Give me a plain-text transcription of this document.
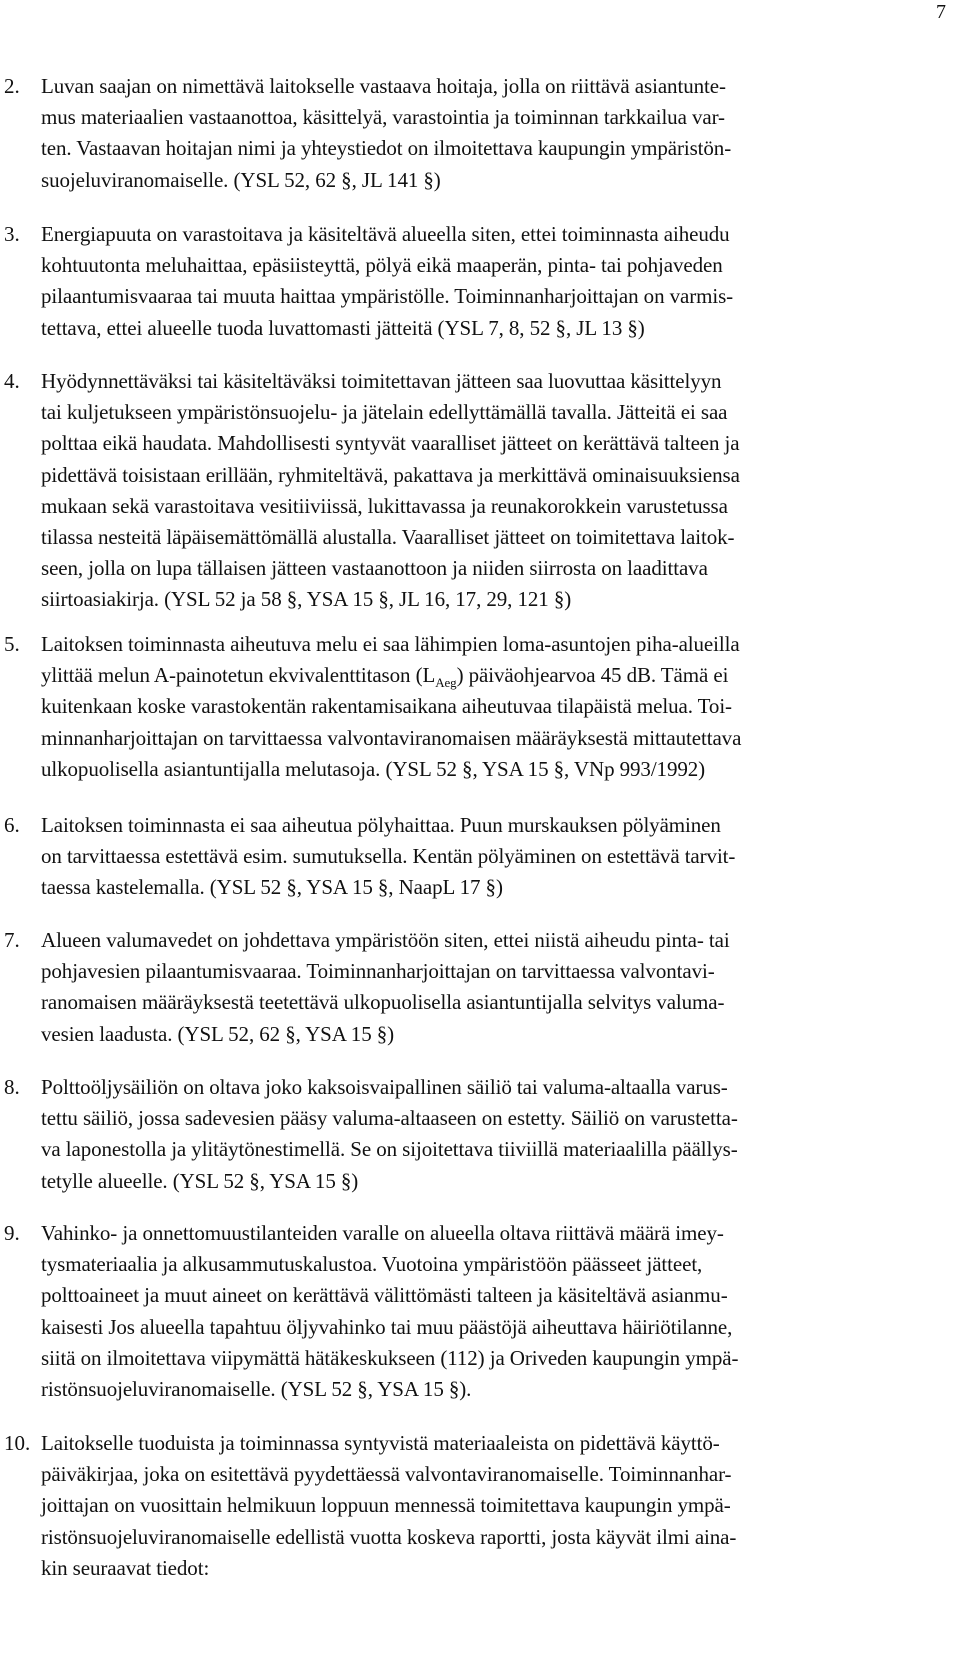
7
2. Luvan saajan on nimettävä laitokselle vastaava hoitaja, jolla on riittävä asiantunte-
mus materiaalien vastaanottoa, käsittelyä, varastointia ja toiminnan tarkkailua var-
ten. Vastaavan hoitajan nimi ja yhteystiedot on ilmoitettava kaupungin ympäristön-
suojeluviranomaiselle. (YSL 52, 62 §, JL 141 §)
3. Energiapuuta on varastoitava ja käsiteltävä alueella siten, ettei toiminnasta aiheudu
kohtuutonta meluhaittaa, epäsiisteyttä, pölyä eikä maaperän, pinta- tai pohjaveden
pilaantumisvaaraa tai muuta haittaa ympäristölle. Toiminnanharjoittajan on varmis-
tettava, ettei alueelle tuoda luvattomasti jätteitä (YSL 7, 8, 52 §, JL 13 §)
4. Hyödynnettäväksi tai käsiteltäväksi toimitettavan jätteen saa luovuttaa käsittelyyn
tai kuljetukseen ympäristönsuojelu- ja jätelain edellyttämällä tavalla. Jätteitä ei saa
polttaa eikä haudata. Mahdollisesti syntyvät vaaralliset jätteet on kerättävä talteen ja
pidettävä toisistaan erillään, ryhmiteltävä, pakattava ja merkittävä ominaisuuksiensa
mukaan sekä varastoitava vesitiiviissä, lukittavassa ja reunakorokkein varustetussa
tilassa nesteitä läpäisemättömällä alustalla. Vaaralliset jätteet on toimitettava laitok-
seen, jolla on lupa tällaisen jätteen vastaanottoon ja niiden siirrosta on laadittava
siirtoasiakirja. (YSL 52 ja 58 §, YSA 15 §, JL 16, 17, 29, 121 §)
5. Laitoksen toiminnasta aiheutuva melu ei saa lähimpien loma-asuntojen piha-alueilla
ylittää melun A-painotetun ekvivalenttitason $(L_{Aeg})$ päiväohjearvoa 45 dB. Tämä ei
kuitenkaan koske varastokentän rakentamisaikana aiheutuvaa tilapäistä melua. Toi-
minnanharjoittajan on tarvittaessa valvontaviranomaisen määräyksestä mittautettava
ulkopuolisella asiantuntijalla melutasoja. (YSL 52 §, YSA 15 §, VNp 993/1992)
6. Laitoksen toiminnasta ei saa aiheutua pölyhaittaa. Puun murskauksen pölyäminen
on tarvittaessa estettävä esim. sumutuksella. Kentän pölyäminen on estettävä tarvit-
taessa kastelemalla. (YSL 52 §, YSA 15 §, NaapL 17 §)
7. Alueen valumavedet on johdettava ympäristöön siten, ettei niistä aiheudu pinta- tai
pohjavesien pilaantumisvaaraa. Toiminnanharjoittajan on tarvittaessa valvontavi-
ranomaisen määräyksestä teetettävä ulkopuolisella asiantuntijalla selvitys valuma-
vesien laadusta. (YSL 52, 62 §, YSA 15 §)
8. Polttoöljysäiliön on oltava joko kaksoisvaipallinen säiliö tai valuma-altaalla varus-
tettu säiliö, jossa sadevesien pääsy valuma-altaaseen on estetty. Säiliö on varustetta-
va laponestolla ja ylitäytönestimellä. Se on sijoitettava tiiviillä materiaalilla päällys-
tetylle alueelle. (YSL 52 §, YSA 15 §)
9. Vahinko- ja onnettomuustilanteiden varalle on alueella oltava riittävä määrä imey-
tysmateriaalia ja alkusammutuskalustoa. Vuotoina ympäristöön päässeet jätteet,
polttoaineet ja muut aineet on kerättävä välittömästi talteen ja käsiteltävä asianmu-
kaisesti Jos alueella tapahtuu öljyvahinko tai muu päästöjä aiheuttava häiriötilanne,
siitä on ilmoitettava viipymättä hätäkeskukseen (112) ja Oriveden kaupungin ympä-
ristönsuojeluviranomaiselle. (YSL 52 §, YSA 15 §).
10. Laitokselle tuoduista ja toiminnassa syntyvistä materiaaleista on pidettävä käyttö-
päiväkirjaa, joka on esitettävä pyydettäessä valvontaviranomaiselle. Toiminnanhar-
joittajan on vuosittain helmikuun loppuun mennessä toimitettava kaupungin ympä-
ristönsuojeluviranomaiselle edellistä vuotta koskeva raportti, josta käyvät ilmi aina-
kin seuraavat tiedot:
